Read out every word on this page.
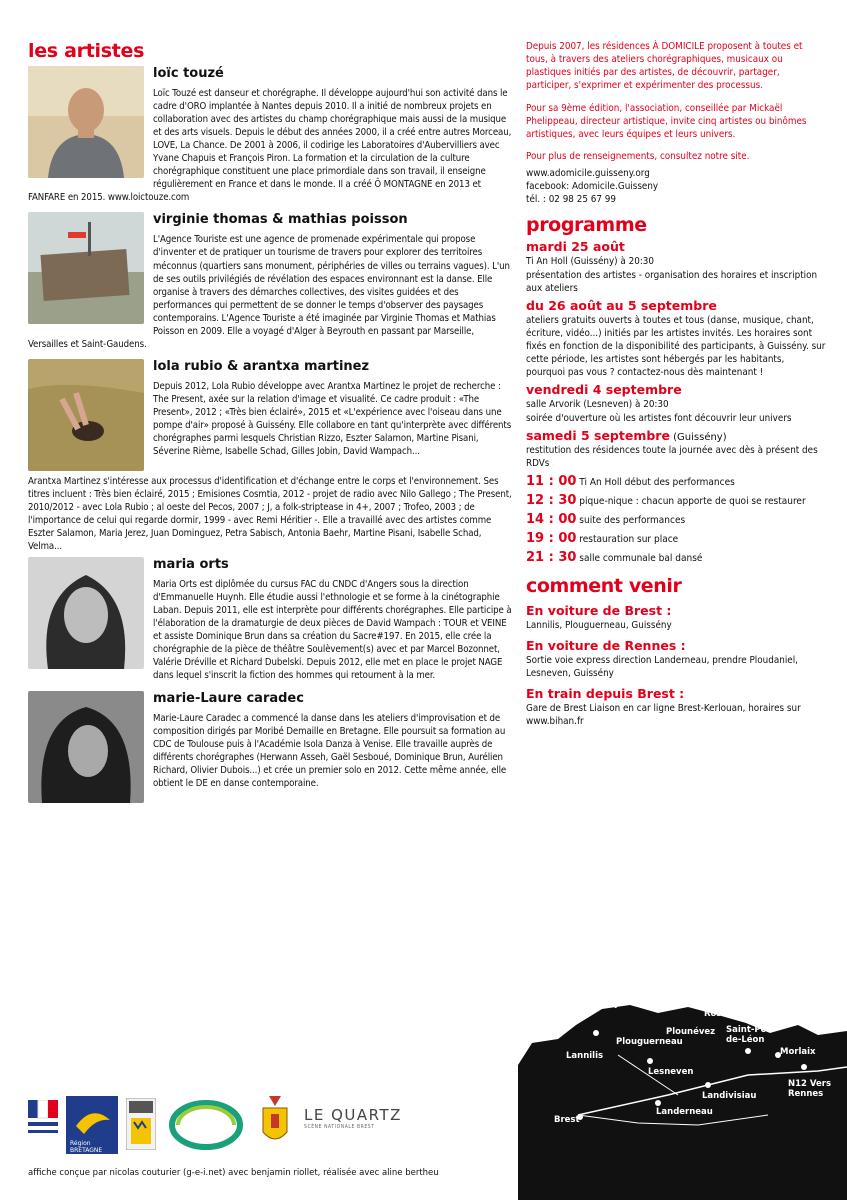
les artistes
loïc touzé

Loïc Touzé est danseur et chorégraphe. Il développe aujourd'hui son activité dans le cadre d'ORO implantée à Nantes depuis 2010. Il a initié de nombreux projets en collaboration avec des artistes du champ chorégraphique mais aussi de la musique et des arts visuels. Depuis le début des années 2000, il a créé entre autres Morceau, LOVE, La Chance. De 2001 à 2006, il codirige les Laboratoires d'Aubervilliers avec Yvane Chapuis et François Piron. La formation et la circulation de la culture chorégraphique constituent une place primordiale dans son travail, il enseigne régulièrement en France et dans le monde. Il a créé Ô MONTAGNE en 2013 et FANFARE en 2015. www.loictouze.com

virginie thomas & mathias poisson

L'Agence Touriste est une agence de promenade expérimentale qui propose d'inventer et de pratiquer un tourisme de travers pour explorer des territoires méconnus (quartiers sans monument, périphéries de villes ou terrains vagues). L'un de ses outils privilégiés de révélation des espaces environnant est la danse. Elle organise à travers des démarches collectives, des visites guidées et des performances qui permettent de se donner le temps d'observer des paysages contemporains. L'Agence Touriste a été imaginée par Virginie Thomas et Mathias Poisson en 2009. Elle a voyagé d'Alger à Beyrouth en passant par Marseille, Versailles et Saint-Gaudens.

lola rubio & arantxa martinez

Depuis 2012, Lola Rubio développe avec Arantxa Martinez le projet de recherche : The Present, axée sur la relation d'image et visualité. Ce cadre produit : «The Present», 2012 ; «Très bien éclairé», 2015 et «L'expérience avec l'oiseau dans une pompe d'air» proposé à Guissény. Elle collabore en tant qu'interprète avec différents chorégraphes parmi lesquels Christian Rizzo, Eszter Salamon, Martine Pisani, Séverine Rième, Isabelle Schad, Gilles Jobin, David Wampach...

Arantxa Martinez s'intéresse aux processus d'identification et d'échange entre le corps et l'environnement. Ses titres incluent : Très bien éclairé, 2015 ; Emisiones Cosmtia, 2012 - projet de radio avec Nilo Gallego ; The Present, 2010/2012 - avec Lola Rubio ; al oeste del Pecos, 2007 ; J, a folk-striptease in 4+, 2007 ; Trofeo, 2003 ; de l'importance de celui qui regarde dormir, 1999 - avec Remi Héritier -. Elle a travaillé avec des artistes comme Eszter Salamon, Maria Jerez, Juan Dominguez, Petra Sabisch, Antonia Baehr, Martine Pisani, Isabelle Schad, Velma...

maria orts

Maria Orts est diplômée du cursus FAC du CNDC d'Angers sous la direction d'Emmanuelle Huynh. Elle étudie aussi l'ethnologie et se forme à la cinétographie Laban. Depuis 2011, elle est interprète pour différents chorégraphes. Elle participe à l'élaboration de la dramaturgie de deux pièces de David Wampach : TOUR et VEINE et assiste Dominique Brun dans sa création du Sacre#197. En 2015, elle crée la chorégraphie de la pièce de théâtre Soulèvement(s) avec et par Marcel Bozonnet, Valérie Dréville et Richard Dubelski. Depuis 2012, elle met en place le projet NAGE dans lequel s'inscrit la fiction des hommes qui retournent à la mer.

marie-Laure caradec

Marie-Laure Caradec a commencé la danse dans les ateliers d'improvisation et de composition dirigés par Moribé Demaille en Bretagne. Elle poursuit sa formation au CDC de Toulouse puis à l'Académie Isola Danza à Venise. Elle travaille auprès de différents chorégraphes (Herwann Asseh, Gaël Sesboué, Dominique Brun, Aurélien Richard, Olivier Dubois...) et crée un premier solo en 2012. Cette même année, elle obtient le DE en danse contemporaine.

Depuis 2007, les résidences À DOMICILE proposent à toutes et tous, à travers des ateliers chorégraphiques, musicaux ou plastiques initiés par des artistes, de découvrir, partager, participer, s'exprimer et expérimenter des processus.

Pour sa 9ème édition, l'association, conseillée par Mickaël Phelippeau, directeur artistique, invite cinq artistes ou binômes artistiques, avec leurs équipes et leurs univers.

Pour plus de renseignements, consultez notre site.

www.adomicile.guisseny.org
facebook: Adomicile.Guisseny
tél. : 02 98 25 67 99
programme
mardi 25 août

Ti An Holl (Guissény) à 20:30

présentation des artistes - organisation des horaires et inscription aux ateliers

du 26 août au 5 septembre

ateliers gratuits ouverts à toutes et tous (danse, musique, chant, écriture, vidéo...) initiés par les artistes invités. Les horaires sont fixés en fonction de la disponibilité des participants, à Guissény. sur cette période, les artistes sont hébergés par les habitants, pourquoi pas vous ? contactez-nous dès maintenant !

vendredi 4 septembre

salle Arvorik (Lesneven) à 20:30

soirée d'ouverture où les artistes font découvrir leur univers

samedi 5 septembre (Guissény)

restitution des résidences toute la journée avec dès à présent des RDVs

11 : 00 Ti An Holl début des performances
12 : 30 pique-nique : chacun apporte de quoi se restaurer
14 : 00 suite des performances
19 : 00 restauration sur place
21 : 30 salle communale bal dansé
comment venir
En voiture de Brest :

Lannilis, Plouguerneau, Guissény

En voiture de Rennes :

Sortie voie express direction Landerneau, prendre Ploudaniel, Lesneven, Guissény

En train depuis Brest :

Gare de Brest Liaison en car ligne Brest-Kerlouan, horaires sur www.bihan.fr

Guissény
Roscoff
Plouguerneau
Plounévez Saint-Pol de-Léon
Lannilis
Lesneven
Morlaix
Landivisiau
N12 Vers Rennes
Brest
Landerneau
Région BRETAGNE
LE QUARTZ
SCÈNE NATIONALE BREST
affiche conçue par nicolas couturier (g-e-i.net) avec benjamin riollet, réalisée avec aline bertheu
